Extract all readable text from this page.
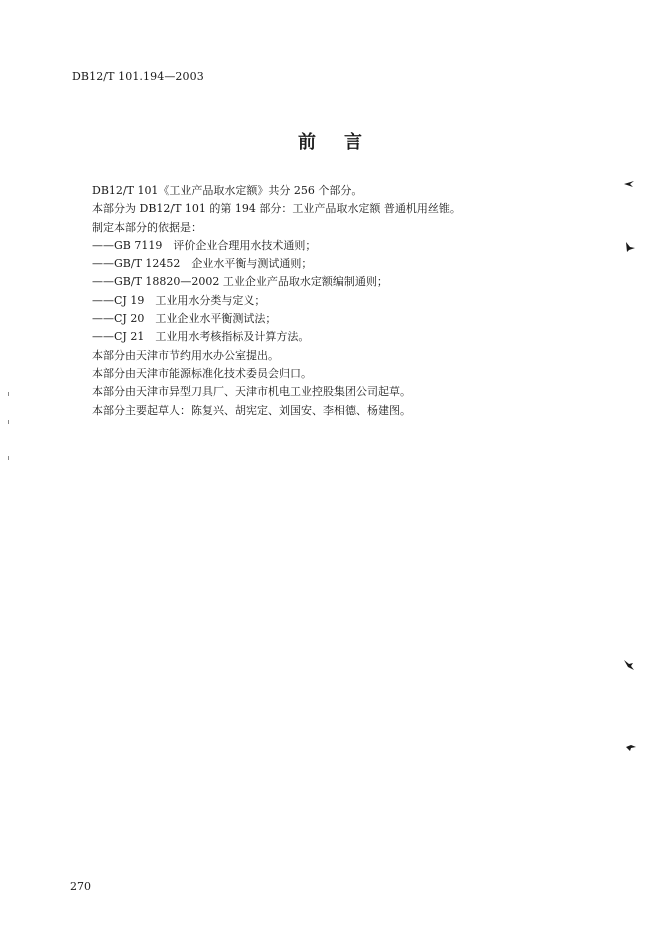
DB12/T 101.194—2003
前 言
DB12/T 101《工业产品取水定额》共分 256 个部分。
本部分为 DB12/T 101 的第 194 部分：工业产品取水定额 普通机用丝锥。
制定本部分的依据是：
——GB 7119　评价企业合理用水技术通则；
——GB/T 12452　企业水平衡与测试通则；
——GB/T 18820—2002 工业企业产品取水定额编制通则；
——CJ 19　工业用水分类与定义；
——CJ 20　工业企业水平衡测试法；
——CJ 21　工业用水考核指标及计算方法。
本部分由天津市节约用水办公室提出。
本部分由天津市能源标准化技术委员会归口。
本部分由天津市异型刀具厂、天津市机电工业控股集团公司起草。
本部分主要起草人：陈复兴、胡宪定、刘国安、李相德、杨建图。
270
